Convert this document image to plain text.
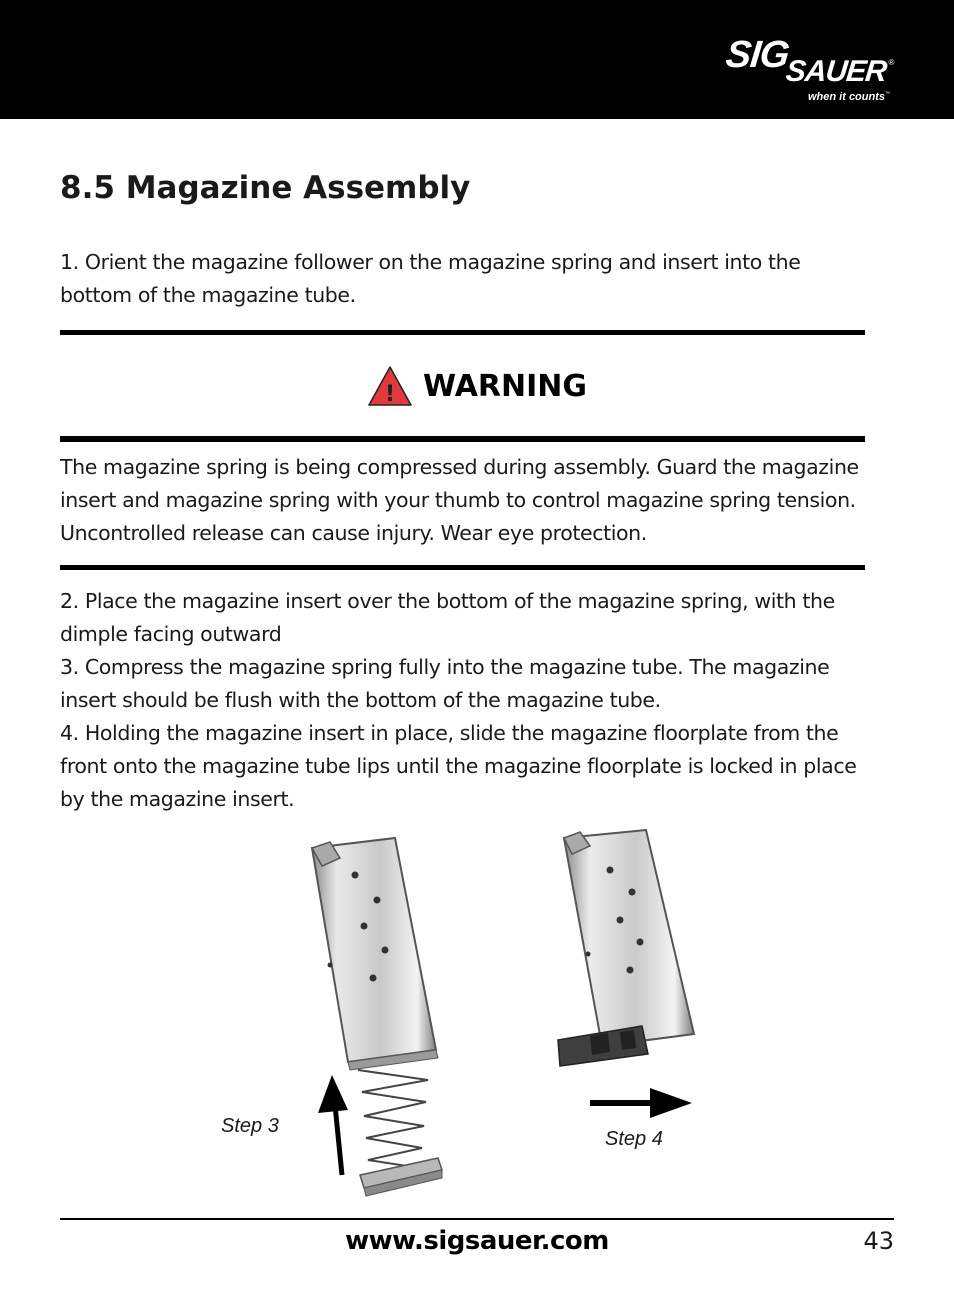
SIGSAUER®
when it counts™
8.5 Magazine Assembly

1. Orient the magazine follower on the magazine spring and insert into the bottom of the magazine tube.

! WARNING

The magazine spring is being compressed during assembly. Guard the magazine insert and magazine spring with your thumb to control magazine spring tension. Uncontrolled release can cause injury. Wear eye protection.

2. Place the magazine insert over the bottom of the magazine spring, with the dimple facing outward

3. Compress the magazine spring fully into the magazine tube. The magazine insert should be flush with the bottom of the magazine tube.

4. Holding the magazine insert in place, slide the magazine floorplate from the front onto the magazine tube lips until the magazine floorplate is locked in place by the magazine insert.

Step 3
Step 4
www.sigsauer.com	43
